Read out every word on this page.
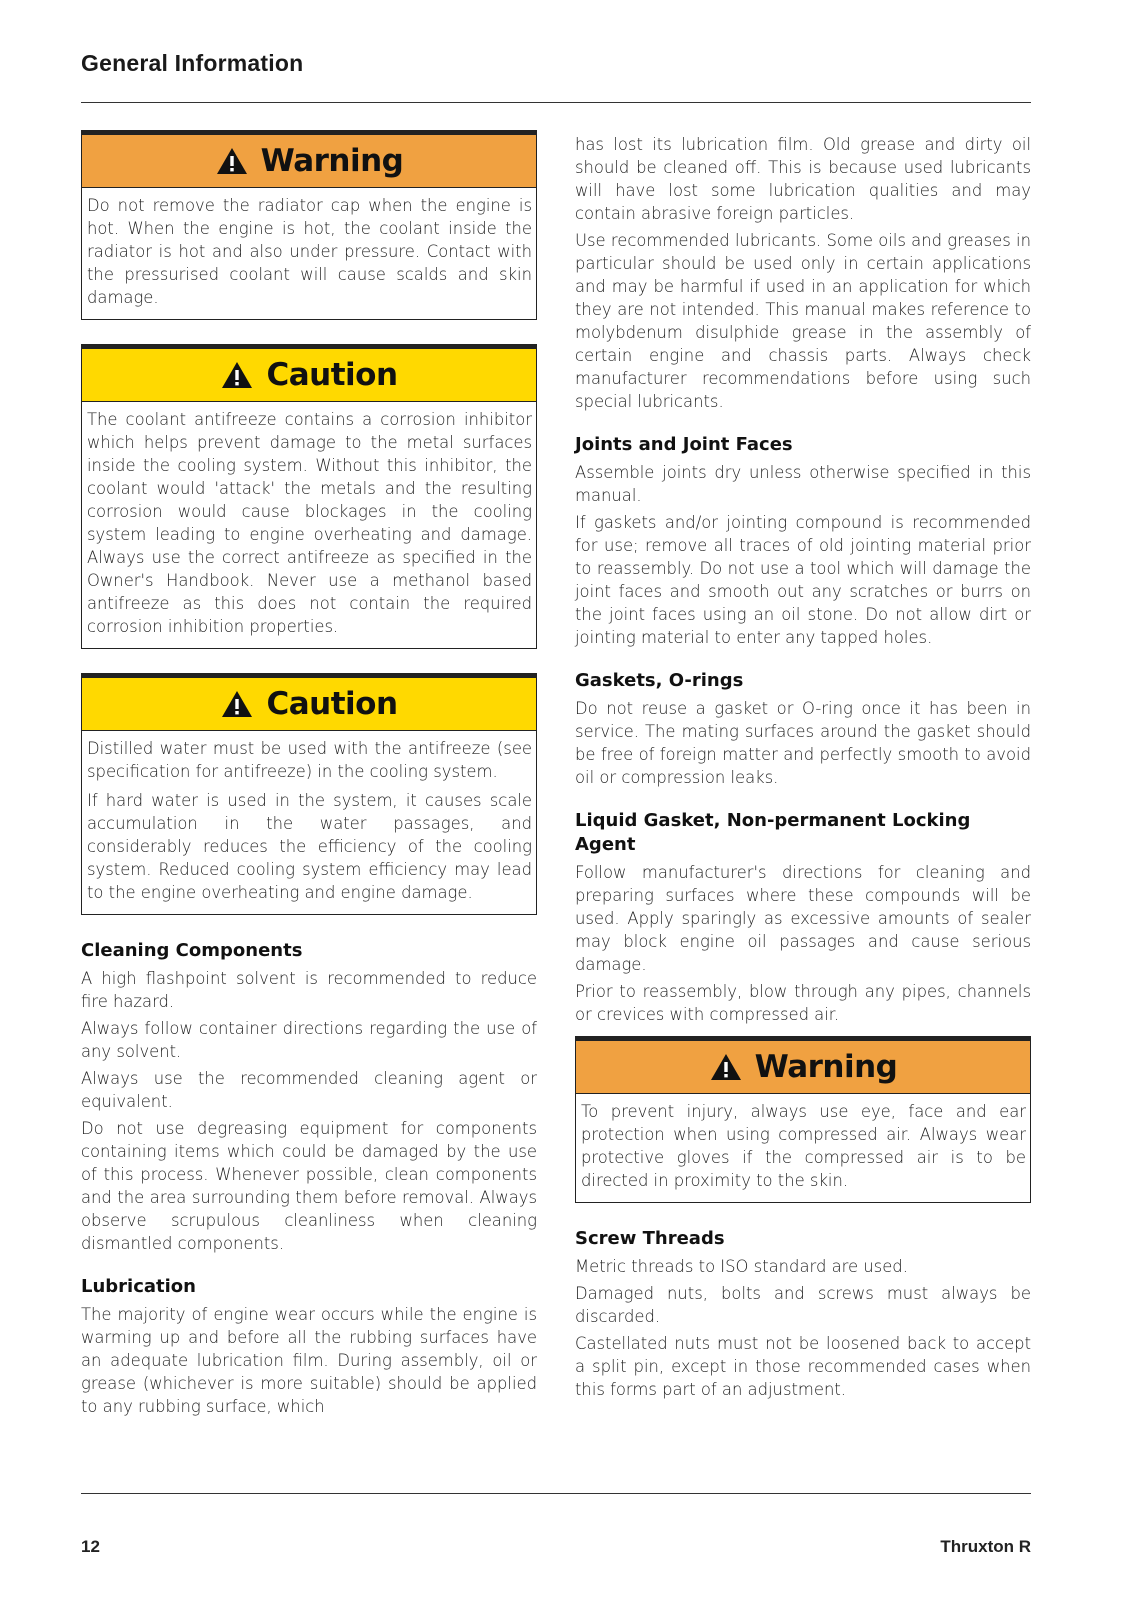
General Information
Warning

Do not remove the radiator cap when the engine is hot. When the engine is hot, the coolant inside the radiator is hot and also under pressure. Contact with the pressurised coolant will cause scalds and skin damage.

Caution

The coolant antifreeze contains a corrosion inhibitor which helps prevent damage to the metal surfaces inside the cooling system. Without this inhibitor, the coolant would 'attack' the metals and the resulting corrosion would cause blockages in the cooling system leading to engine overheating and damage. Always use the correct antifreeze as specified in the Owner's Handbook. Never use a methanol based antifreeze as this does not contain the required corrosion inhibition properties.

Caution

Distilled water must be used with the antifreeze (see specification for antifreeze) in the cooling system.

If hard water is used in the system, it causes scale accumulation in the water passages, and considerably reduces the efficiency of the cooling system. Reduced cooling system efficiency may lead to the engine overheating and engine damage.

Cleaning Components

A high flashpoint solvent is recommended to reduce fire hazard.

Always follow container directions regarding the use of any solvent.

Always use the recommended cleaning agent or equivalent.

Do not use degreasing equipment for components containing items which could be damaged by the use of this process. Whenever possible, clean components and the area surrounding them before removal. Always observe scrupulous cleanliness when cleaning dismantled components.

Lubrication

The majority of engine wear occurs while the engine is warming up and before all the rubbing surfaces have an adequate lubrication film. During assembly, oil or grease (whichever is more suitable) should be applied to any rubbing surface, which

has lost its lubrication film. Old grease and dirty oil should be cleaned off. This is because used lubricants will have lost some lubrication qualities and may contain abrasive foreign particles.

Use recommended lubricants. Some oils and greases in particular should be used only in certain applications and may be harmful if used in an application for which they are not intended. This manual makes reference to molybdenum disulphide grease in the assembly of certain engine and chassis parts. Always check manufacturer recommendations before using such special lubricants.

Joints and Joint Faces

Assemble joints dry unless otherwise specified in this manual.

If gaskets and/or jointing compound is recommended for use; remove all traces of old jointing material prior to reassembly. Do not use a tool which will damage the joint faces and smooth out any scratches or burrs on the joint faces using an oil stone. Do not allow dirt or jointing material to enter any tapped holes.

Gaskets, O-rings

Do not reuse a gasket or O-ring once it has been in service. The mating surfaces around the gasket should be free of foreign matter and perfectly smooth to avoid oil or compression leaks.

Liquid Gasket, Non-permanent Locking Agent

Follow manufacturer's directions for cleaning and preparing surfaces where these compounds will be used. Apply sparingly as excessive amounts of sealer may block engine oil passages and cause serious damage.

Prior to reassembly, blow through any pipes, channels or crevices with compressed air.

Warning

To prevent injury, always use eye, face and ear protection when using compressed air. Always wear protective gloves if the compressed air is to be directed in proximity to the skin.

Screw Threads

Metric threads to ISO standard are used.

Damaged nuts, bolts and screws must always be discarded.

Castellated nuts must not be loosened back to accept a split pin, except in those recommended cases when this forms part of an adjustment.

12	Thruxton R
